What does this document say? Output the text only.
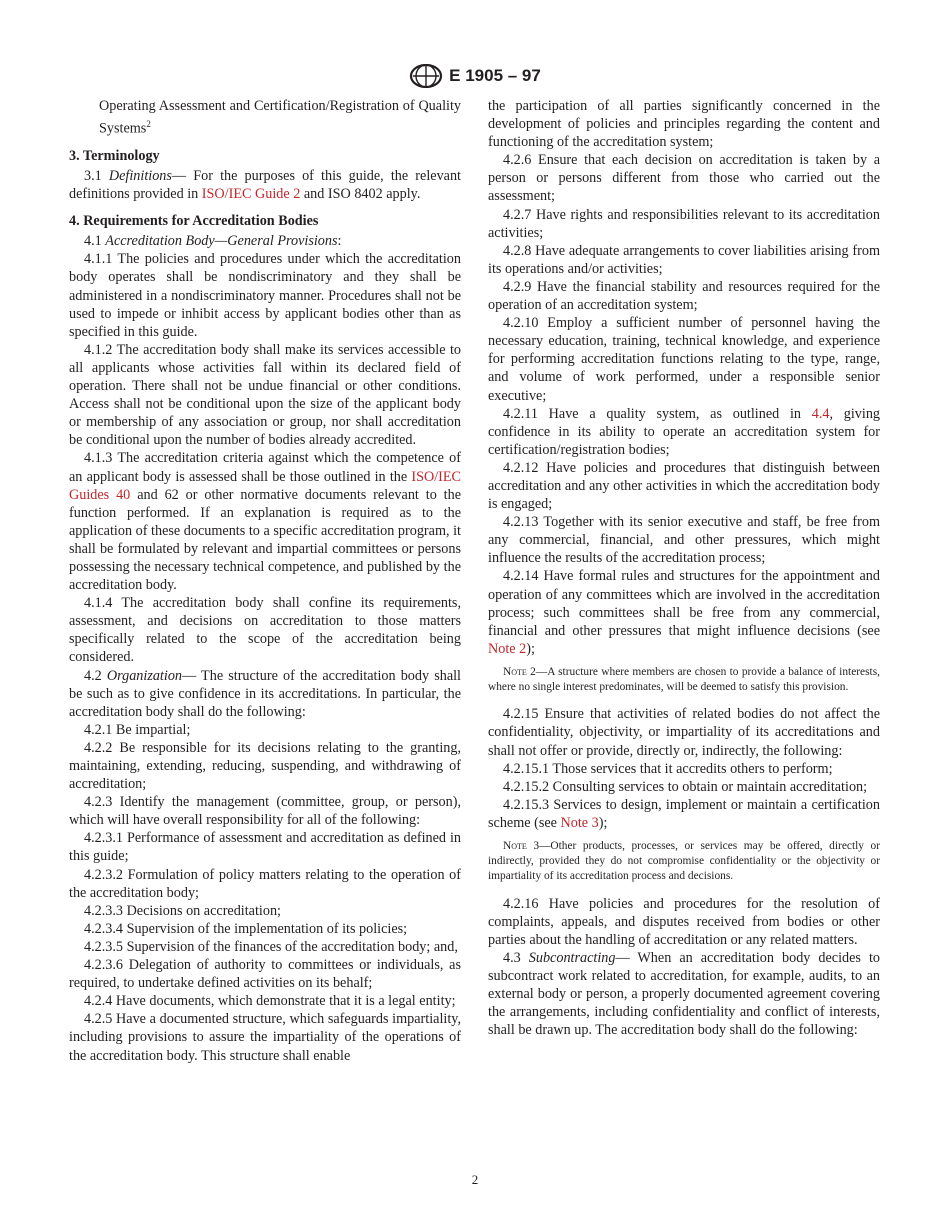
E 1905 – 97

Operating Assessment and Certification/Registration of Quality Systems$^2$

3. Terminology

3.1 Definitions— For the purposes of this guide, the relevant definitions provided in ISO/IEC Guide 2 and ISO 8402 apply.

4. Requirements for Accreditation Bodies

4.1 Accreditation Body—General Provisions:

4.1.1 The policies and procedures under which the accreditation body operates shall be nondiscriminatory and they shall be administered in a nondiscriminatory manner. Procedures shall not be used to impede or inhibit access by applicant bodies other than as specified in this guide.

4.1.2 The accreditation body shall make its services accessible to all applicants whose activities fall within its declared field of operation. There shall not be undue financial or other conditions. Access shall not be conditional upon the size of the applicant body or membership of any association or group, nor shall accreditation be conditional upon the number of bodies already accredited.

4.1.3 The accreditation criteria against which the competence of an applicant body is assessed shall be those outlined in the ISO/IEC Guides 40 and 62 or other normative documents relevant to the function performed. If an explanation is required as to the application of these documents to a specific accreditation program, it shall be formulated by relevant and impartial committees or persons possessing the necessary technical competence, and published by the accreditation body.

4.1.4 The accreditation body shall confine its requirements, assessment, and decisions on accreditation to those matters specifically related to the scope of the accreditation being considered.

4.2 Organization— The structure of the accreditation body shall be such as to give confidence in its accreditations. In particular, the accreditation body shall do the following:

4.2.1 Be impartial;

4.2.2 Be responsible for its decisions relating to the granting, maintaining, extending, reducing, suspending, and withdrawing of accreditation;

4.2.3 Identify the management (committee, group, or person), which will have overall responsibility for all of the following:

4.2.3.1 Performance of assessment and accreditation as defined in this guide;

4.2.3.2 Formulation of policy matters relating to the operation of the accreditation body;

4.2.3.3 Decisions on accreditation;

4.2.3.4 Supervision of the implementation of its policies;

4.2.3.5 Supervision of the finances of the accreditation body; and,

4.2.3.6 Delegation of authority to committees or individuals, as required, to undertake defined activities on its behalf;

4.2.4 Have documents, which demonstrate that it is a legal entity;

4.2.5 Have a documented structure, which safeguards impartiality, including provisions to assure the impartiality of the operations of the accreditation body. This structure shall enable

the participation of all parties significantly concerned in the development of policies and principles regarding the content and functioning of the accreditation system;

4.2.6 Ensure that each decision on accreditation is taken by a person or persons different from those who carried out the assessment;

4.2.7 Have rights and responsibilities relevant to its accreditation activities;

4.2.8 Have adequate arrangements to cover liabilities arising from its operations and/or activities;

4.2.9 Have the financial stability and resources required for the operation of an accreditation system;

4.2.10 Employ a sufficient number of personnel having the necessary education, training, technical knowledge, and experience for performing accreditation functions relating to the type, range, and volume of work performed, under a responsible senior executive;

4.2.11 Have a quality system, as outlined in 4.4, giving confidence in its ability to operate an accreditation system for certification/registration bodies;

4.2.12 Have policies and procedures that distinguish between accreditation and any other activities in which the accreditation body is engaged;

4.2.13 Together with its senior executive and staff, be free from any commercial, financial, and other pressures, which might influence the results of the accreditation process;

4.2.14 Have formal rules and structures for the appointment and operation of any committees which are involved in the accreditation process; such committees shall be free from any commercial, financial and other pressures that might influence decisions (see Note 2);

Note 2—A structure where members are chosen to provide a balance of interests, where no single interest predominates, will be deemed to satisfy this provision.

4.2.15 Ensure that activities of related bodies do not affect the confidentiality, objectivity, or impartiality of its accreditations and shall not offer or provide, directly or, indirectly, the following:

4.2.15.1 Those services that it accredits others to perform;

4.2.15.2 Consulting services to obtain or maintain accreditation;

4.2.15.3 Services to design, implement or maintain a certification scheme (see Note 3);

Note 3—Other products, processes, or services may be offered, directly or indirectly, provided they do not compromise confidentiality or the objectivity or impartiality of its accreditation process and decisions.

4.2.16 Have policies and procedures for the resolution of complaints, appeals, and disputes received from bodies or other parties about the handling of accreditation or any related matters.

4.3 Subcontracting— When an accreditation body decides to subcontract work related to accreditation, for example, audits, to an external body or person, a properly documented agreement covering the arrangements, including confidentiality and conflict of interests, shall be drawn up. The accreditation body shall do the following:

2
